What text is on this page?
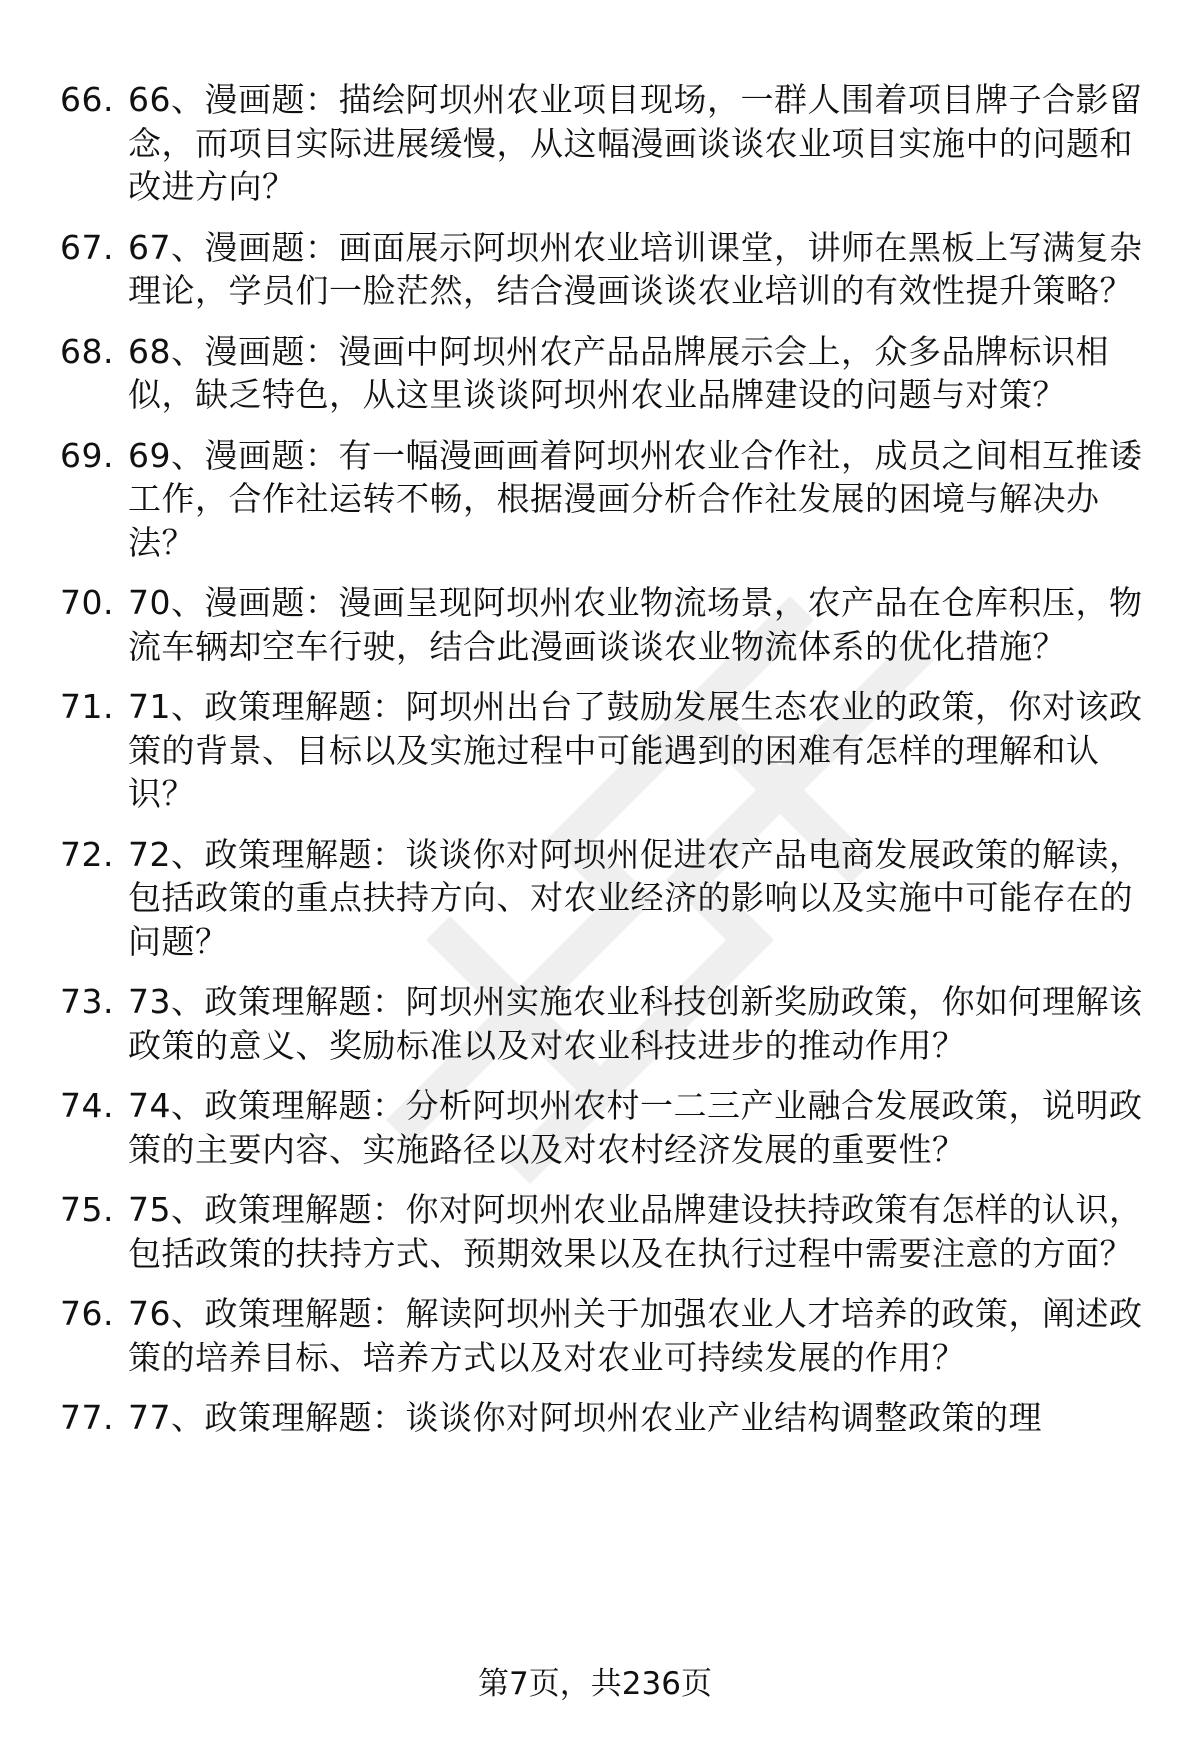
66. 66、漫画题：描绘阿坝州农业项目现场，一群人围着项目牌子合影留念，而项目实际进展缓慢，从这幅漫画谈谈农业项目实施中的问题和改进方向？
67. 67、漫画题：画面展示阿坝州农业培训课堂，讲师在黑板上写满复杂理论，学员们一脸茫然，结合漫画谈谈农业培训的有效性提升策略？
68. 68、漫画题：漫画中阿坝州农产品品牌展示会上，众多品牌标识相似，缺乏特色，从这里谈谈阿坝州农业品牌建设的问题与对策？
69. 69、漫画题：有一幅漫画画着阿坝州农业合作社，成员之间相互推诿工作，合作社运转不畅，根据漫画分析合作社发展的困境与解决办法？
70. 70、漫画题：漫画呈现阿坝州农业物流场景，农产品在仓库积压，物流车辆却空车行驶，结合此漫画谈谈农业物流体系的优化措施？
71. 71、政策理解题：阿坝州出台了鼓励发展生态农业的政策，你对该政策的背景、目标以及实施过程中可能遇到的困难有怎样的理解和认识？
72. 72、政策理解题：谈谈你对阿坝州促进农产品电商发展政策的解读，包括政策的重点扶持方向、对农业经济的影响以及实施中可能存在的问题？
73. 73、政策理解题：阿坝州实施农业科技创新奖励政策，你如何理解该政策的意义、奖励标准以及对农业科技进步的推动作用？
74. 74、政策理解题：分析阿坝州农村一二三产业融合发展政策，说明政策的主要内容、实施路径以及对农村经济发展的重要性？
75. 75、政策理解题：你对阿坝州农业品牌建设扶持政策有怎样的认识，包括政策的扶持方式、预期效果以及在执行过程中需要注意的方面？
76. 76、政策理解题：解读阿坝州关于加强农业人才培养的政策，阐述政策的培养目标、培养方式以及对农业可持续发展的作用？
77. 77、政策理解题：谈谈你对阿坝州农业产业结构调整政策的理
第7页，共236页
